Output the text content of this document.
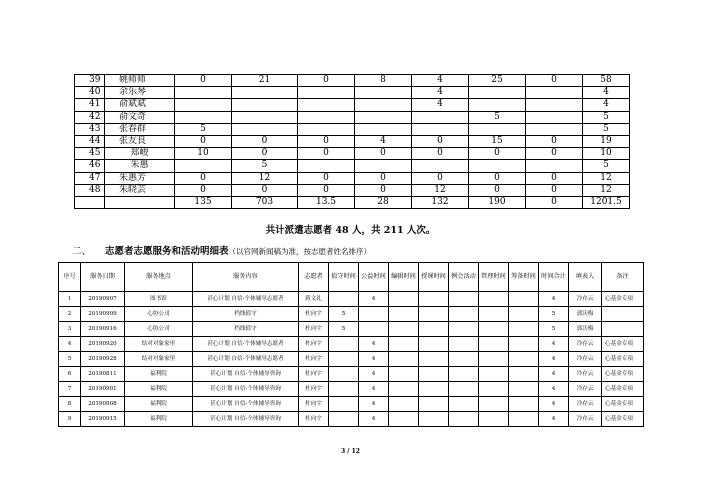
39	姚师师	0	21	0	8	4	25	0	58
40	余乐琴					4			4
41	俞斌斌					4			4
42	俞文奇						5		5
43	张春群	5							5
44	张友良	0	0	0	4	0	15	0	19
45	郑峻	10	0	0	0	0	0	0	10
46	朱惠		5						5
47	朱惠芳	0	12	0	0	0	0	0	12
48	朱晓芸	0	0	0	0	12	0	0	12
		135	703	13.5	28	132	190	0	1201.5
共计派遣志愿者 48 人，共 211 人次。
二、 志愿者志愿服务和活动明细表（以官网新闻稿为准，按志愿者姓名排序）
序号	服务日期	服务地点	服务内容	志愿者	值守时间	公益时间	编辑时间	授课时间	例会活动	管理时间	筹备时间	时间合计	填表人	备注
1	20190907	图书馆	甚心计划 自信-个体辅导志愿者	蒋文礼		4						4	冷存云	心基金专项
2	20190909	心协公司	档线值守	杜向宇	5							5	郭沃梅	
3	20190916	心协公司	档线值守	杜向宇	5							5	郭沃梅	
4	20190920	结对对象家里	甚心计划 自信-个体辅导志愿者	杜向宇		4						4	冷存云	心基金专项
5	20190928	结对对象家里	甚心计划 自信-个体辅导志愿者	杜向宇		4						4	冷存云	心基金专项
6	20190811	福利院	甚心计划 自信-个体辅导咨询	杜向宇		4						4	冷存云	心基金专项
7	20190901	福利院	甚心计划 自信-个体辅导咨询	杜向宇		4						4	冷存云	心基金专项
8	20190908	福利院	甚心计划 自信-个体辅导咨询	杜向宇		4						4	冷存云	心基金专项
9	20190915	福利院	甚心计划 自信-个体辅导咨询	杜向宇		4						4	冷存云	心基金专项
3 / 12
